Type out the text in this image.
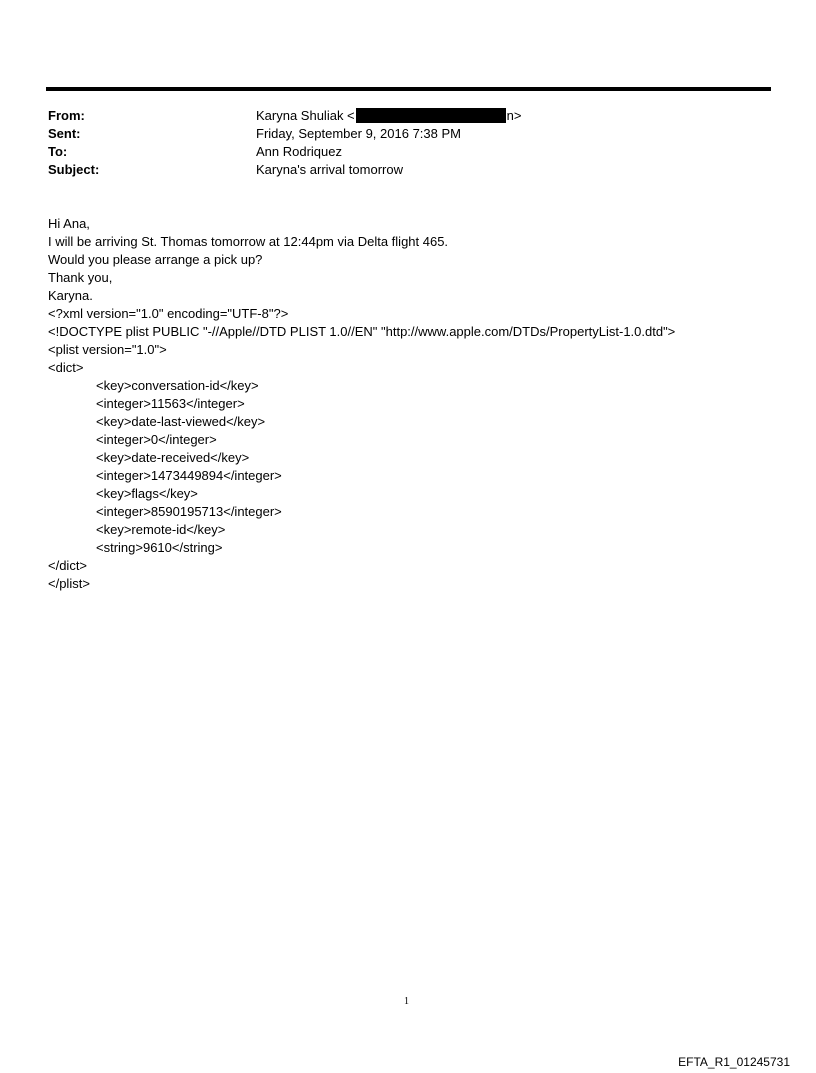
From:	Karyna Shuliak <	n>
Sent:	Friday, September 9, 2016 7:38 PM
To:	Ann Rodriquez
Subject:	Karyna's arrival tomorrow
Hi Ana,
I will be arriving St. Thomas tomorrow at 12:44pm via Delta flight 465.
Would you please arrange a pick up?
Thank you,
Karyna.
<?xml version="1.0" encoding="UTF-8"?>
<!DOCTYPE plist PUBLIC "-//Apple//DTD PLIST 1.0//EN" "http://www.apple.com/DTDs/PropertyList-1.0.dtd">
<plist version="1.0">
<dict>
<key>conversation-id</key>
<integer>11563</integer>
<key>date-last-viewed</key>
<integer>0</integer>
<key>date-received</key>
<integer>1473449894</integer>
<key>flags</key>
<integer>8590195713</integer>
<key>remote-id</key>
<string>9610</string>
</dict>
</plist>
1
EFTA_R1_01245731
